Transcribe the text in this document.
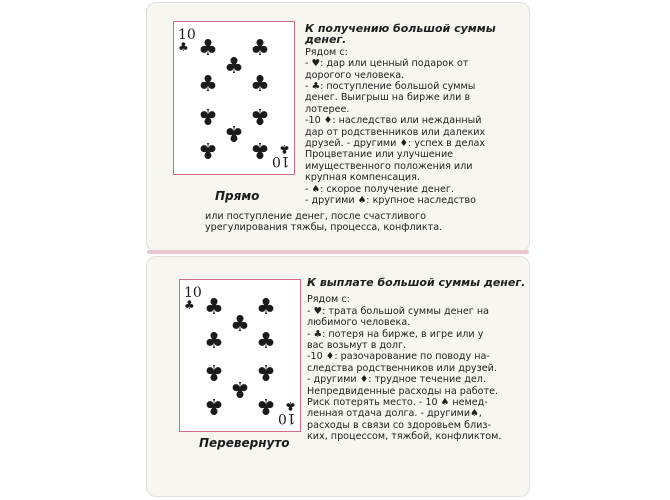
10
♣
10
♣
♣ ♣
♣
♣ ♣
♣ ♣
♣
♣ ♣
Прямо
К получению большой суммы денег.
Рядом с:
- ♥: дар или ценный подарок от
дорогого человека.
- ♣: поступление большой суммы
денег. Выигрыш на бирже или в
лотерее.
-10 ♦: наследство или нежданный
дар от родственников или далеких
друзей. - другими ♦: успех в делах
Процветание или улучшение
имущественного положения или
крупная компенсация.
- ♠: скорое получение денег.
- другими ♠: крупное наследство
или поступление денег, после счастливого
урегулирования тяжбы, процесса, конфликта.
10
♣
10
♣
♣ ♣
♣
♣ ♣
♣ ♣
♣
♣ ♣
Перевернуто
К выплате большой суммы денег.
Рядом с:
- ♥: трата большой суммы денег на
любимого человека.
- ♣: потеря на бирже, в игре или у
вас возьмут в долг.
-10 ♦: разочарование по поводу на-
следства родственников или друзей.
- другими ♦: трудное течение дел.
Непредвиденные расходы на работе.
Риск потерять место. - 10 ♠ немед-
ленная отдача долга. - другими♠,
расходы в связи со здоровьем близ-
ких, процессом, тяжбой, конфликтом.
